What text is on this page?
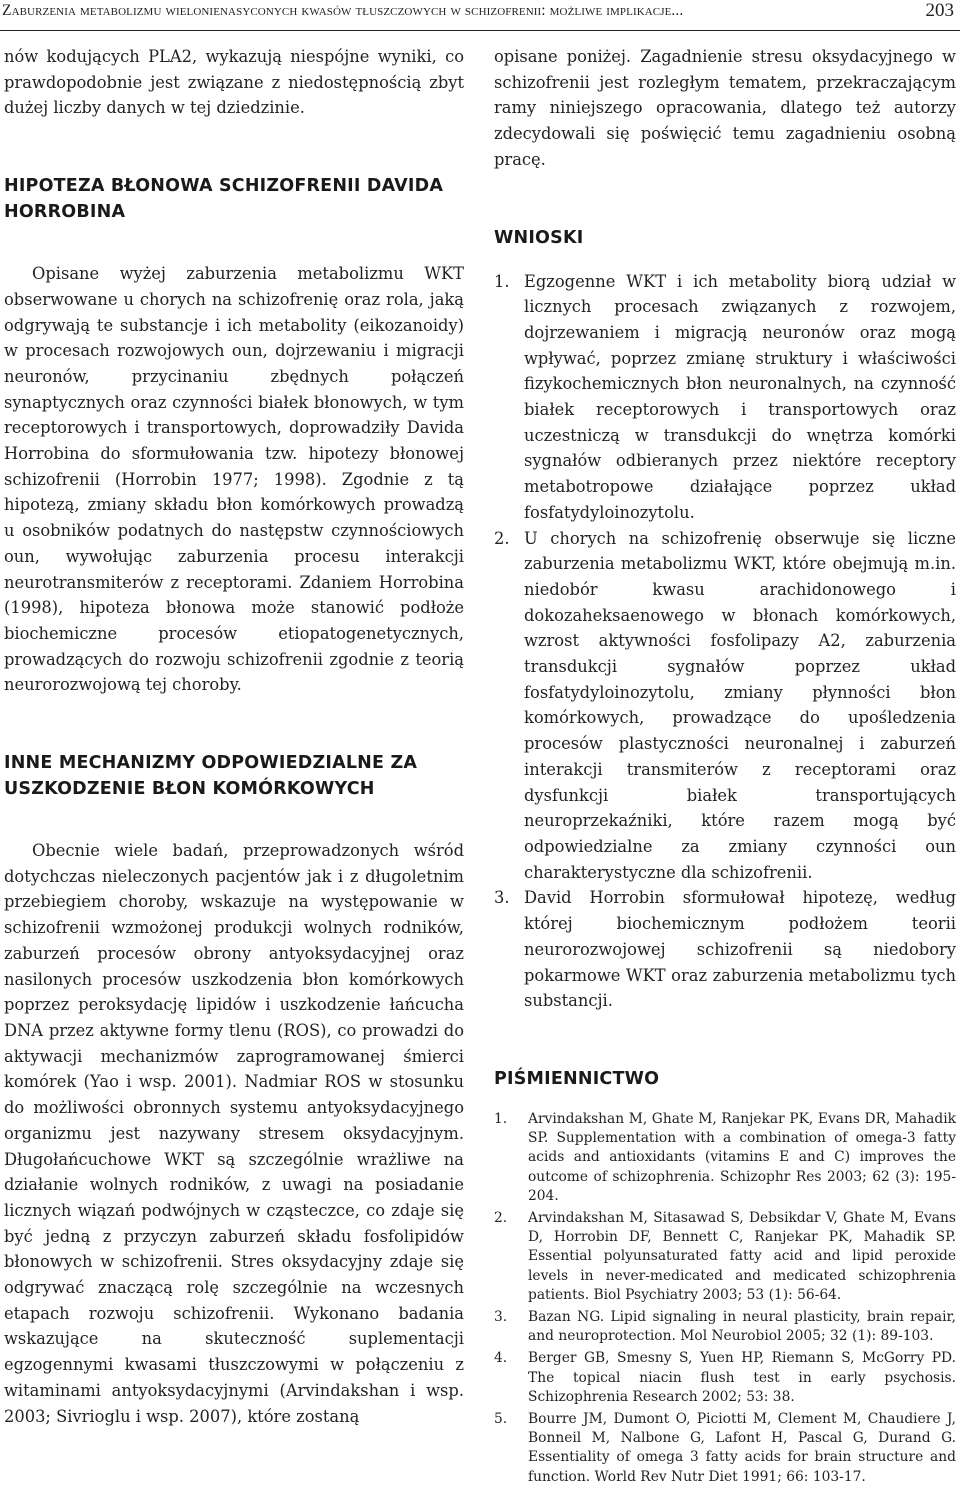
Zaburzenia metabolizmu wielonienasyconych kwasów tłuszczowych w schizofrenii: możliwe implikacje...	203

nów kodujących PLA2, wykazują niespójne wyniki, co prawdopodobnie jest związane z niedostępnością zbyt dużej liczby danych w tej dziedzinie.

HIPOTEZA BŁONOWA SCHIZOFRENII DAVIDA HORROBINA

Opisane wyżej zaburzenia metabolizmu WKT obserwowane u chorych na schizofrenię oraz rola, jaką odgrywają te substancje i ich metabolity (eikozanoidy) w procesach rozwojowych oun, dojrzewaniu i migracji neuronów, przycinaniu zbędnych połączeń synaptycznych oraz czynności białek błonowych, w tym receptorowych i transportowych, doprowadziły Davida Horrobina do sformułowania tzw. hipotezy błonowej schizofrenii (Horrobin 1977; 1998). Zgodnie z tą hipotezą, zmiany składu błon komórkowych prowadzą u osobników podatnych do następstw czynnościowych oun, wywołując zaburzenia procesu interakcji neurotransmiterów z receptorami. Zdaniem Horrobina (1998), hipoteza błonowa może stanowić podłoże biochemiczne procesów etiopatogenetycznych, prowadzących do rozwoju schizofrenii zgodnie z teorią neurorozwojową tej choroby.

INNE MECHANIZMY ODPOWIEDZIALNE ZA USZKODZENIE BŁON KOMÓRKOWYCH

Obecnie wiele badań, przeprowadzonych wśród dotychczas nieleczonych pacjentów jak i z długoletnim przebiegiem choroby, wskazuje na występowanie w schizofrenii wzmożonej produkcji wolnych rodników, zaburzeń procesów obrony antyoksydacyjnej oraz nasilonych procesów uszkodzenia błon komórkowych poprzez peroksydację lipidów i uszkodzenie łańcucha DNA przez aktywne formy tlenu (ROS), co prowadzi do aktywacji mechanizmów zaprogramowanej śmierci komórek (Yao i wsp. 2001). Nadmiar ROS w stosunku do możliwości obronnych systemu antyoksydacyjnego organizmu jest nazywany stresem oksydacyjnym. Długołańcuchowe WKT są szczególnie wrażliwe na działanie wolnych rodników, z uwagi na posiadanie licznych wiązań podwójnych w cząsteczce, co zdaje się być jedną z przyczyn zaburzeń składu fosfolipidów błonowych w schizofrenii. Stres oksydacyjny zdaje się odgrywać znaczącą rolę szczególnie na wczesnych etapach rozwoju schizofrenii. Wykonano badania wskazujące na skuteczność suplementacji egzogennymi kwasami tłuszczowymi w połączeniu z witaminami antyoksydacyjnymi (Arvindakshan i wsp. 2003; Sivrioglu i wsp. 2007), które zostaną

opisane poniżej. Zagadnienie stresu oksydacyjnego w schizofrenii jest rozległym tematem, przekraczającym ramy niniejszego opracowania, dlatego też autorzy zdecydowali się poświęcić temu zagadnieniu osobną pracę.

WNIOSKI
1. Egzogenne WKT i ich metabolity biorą udział w licznych procesach związanych z rozwojem, dojrzewaniem i migracją neuronów oraz mogą wpływać, poprzez zmianę struktury i właściwości fizykochemicznych błon neuronalnych, na czynność białek receptorowych i transportowych oraz uczestniczą w transdukcji do wnętrza komórki sygnałów odbieranych przez niektóre receptory metabotropowe działające poprzez układ fosfatydyloinozytolu.
2. U chorych na schizofrenię obserwuje się liczne zaburzenia metabolizmu WKT, które obejmują m.in. niedobór kwasu arachidonowego i dokozaheksaenowego w błonach komórkowych, wzrost aktywności fosfolipazy A2, zaburzenia transdukcji sygnałów poprzez układ fosfatydyloinozytolu, zmiany płynności błon komórkowych, prowadzące do upośledzenia procesów plastyczności neuronalnej i zaburzeń interakcji transmiterów z receptorami oraz dysfunkcji białek transportujących neuroprzekaźniki, które razem mogą być odpowiedzialne za zmiany czynności oun charakterystyczne dla schizofrenii.
3. David Horrobin sformułował hipotezę, według której biochemicznym podłożem teorii neurorozwojowej schizofrenii są niedobory pokarmowe WKT oraz zaburzenia metabolizmu tych substancji.
PIŚMIENNICTWO
1. Arvindakshan M, Ghate M, Ranjekar PK, Evans DR, Mahadik SP. Supplementation with a combination of omega-3 fatty acids and antioxidants (vitamins E and C) improves the outcome of schizophrenia. Schizophr Res 2003; 62 (3): 195-204.
2. Arvindakshan M, Sitasawad S, Debsikdar V, Ghate M, Evans D, Horrobin DF, Bennett C, Ranjekar PK, Mahadik SP. Essential polyunsaturated fatty acid and lipid peroxide levels in never-medicated and medicated schizophrenia patients. Biol Psychiatry 2003; 53 (1): 56-64.
3. Bazan NG. Lipid signaling in neural plasticity, brain repair, and neuroprotection. Mol Neurobiol 2005; 32 (1): 89-103.
4. Berger GB, Smesny S, Yuen HP, Riemann S, McGorry PD. The topical niacin flush test in early psychosis. Schizophrenia Research 2002; 53: 38.
5. Bourre JM, Dumont O, Piciotti M, Clement M, Chaudiere J, Bonneil M, Nalbone G, Lafont H, Pascal G, Durand G. Essentiality of omega 3 fatty acids for brain structure and function. World Rev Nutr Diet 1991; 66: 103-17.
